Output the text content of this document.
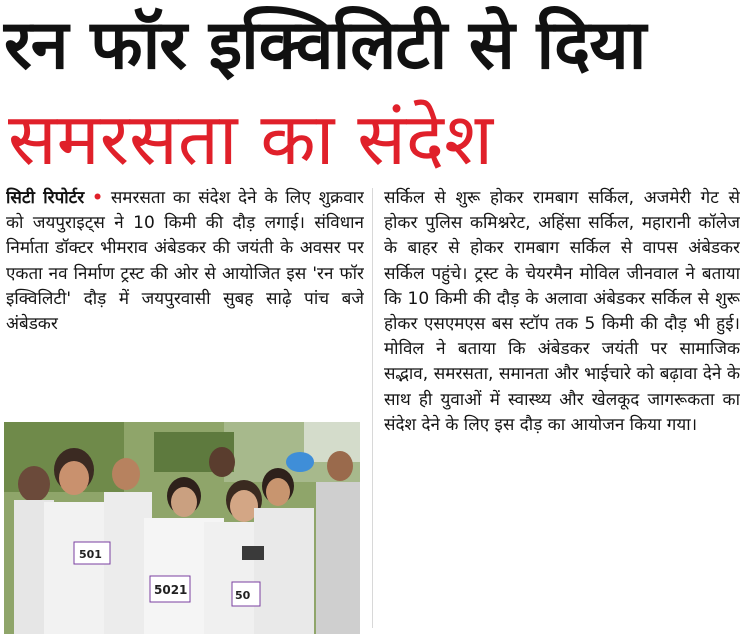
रन फॉर इक्विलिटी से दिया
समरसता का संदेश
सिटी रिपोर्टर • समरसता का संदेश देने के लिए शुक्रवार को जयपुराइट्स ने 10 किमी की दौड़ लगाई। संविधान निर्माता डॉक्टर भीमराव अंबेडकर की जयंती के अवसर पर एकता नव निर्माण ट्रस्ट की ओर से आयोजित इस 'रन फॉर इक्विलिटी' दौड़ में जयपुरवासी सुबह साढ़े पांच बजे अंबेडकर
501
5021	50
सर्किल से शुरू होकर रामबाग सर्किल, अजमेरी गेट से होकर पुलिस कमिश्नरेट, अहिंसा सर्किल, महारानी कॉलेज के बाहर से होकर रामबाग सर्किल से वापस अंबेडकर सर्किल पहुंचे। ट्रस्ट के चेयरमैन मोविल जीनवाल ने बताया कि 10 किमी की दौड़ के अलावा अंबेडकर सर्किल से शुरू होकर एसएमएस बस स्टॉप तक 5 किमी की दौड़ भी हुई। मोविल ने बताया कि अंबेडकर जयंती पर सामाजिक सद्भाव, समरसता, समानता और भाईचारे को बढ़ावा देने के साथ ही युवाओं में स्वास्थ्य और खेलकूद जागरूकता का संदेश देने के लिए इस दौड़ का आयोजन किया गया।
